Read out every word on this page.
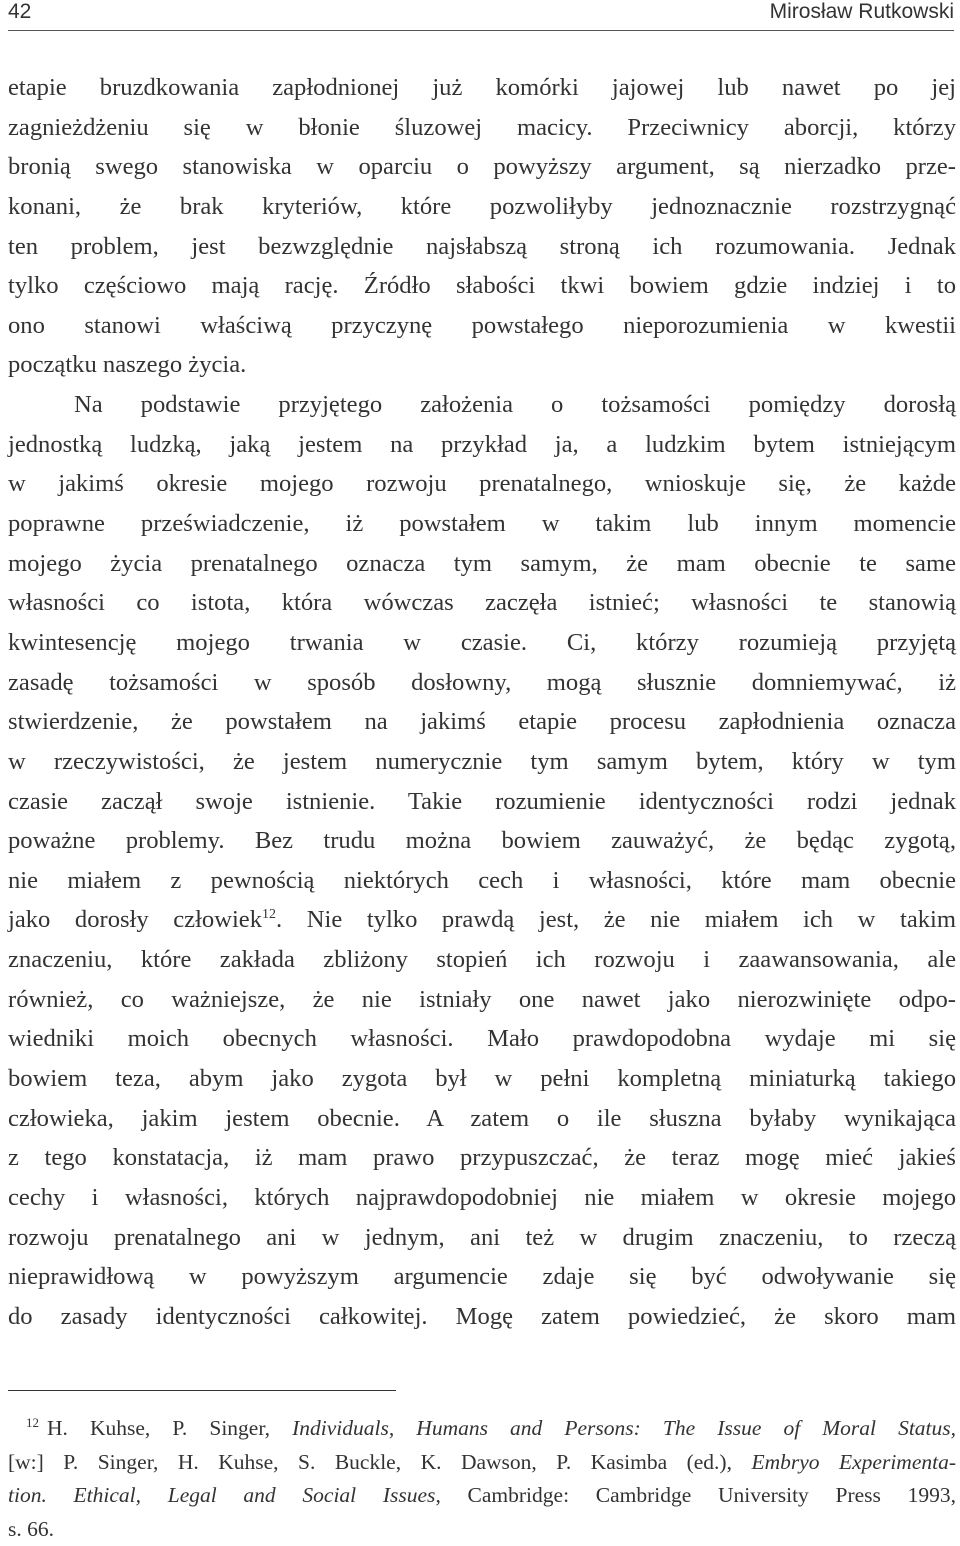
42	Mirosław Rutkowski
etapie bruzdkowania zapłodnionej już komórki jajowej lub nawet po jej
zagnieżdżeniu się w błonie śluzowej macicy. Przeciwnicy aborcji, którzy
bronią swego stanowiska w oparciu o powyższy argument, są nierzadko prze-
konani, że brak kryteriów, które pozwoliłyby jednoznacznie rozstrzygnąć
ten problem, jest bezwzględnie najsłabszą stroną ich rozumowania. Jednak
tylko częściowo mają rację. Źródło słabości tkwi bowiem gdzie indziej i to
ono stanowi właściwą przyczynę powstałego nieporozumienia w kwestii
początku naszego życia.
Na podstawie przyjętego założenia o tożsamości pomiędzy dorosłą
jednostką ludzką, jaką jestem na przykład ja, a ludzkim bytem istniejącym
w jakimś okresie mojego rozwoju prenatalnego, wnioskuje się, że każde
poprawne przeświadczenie, iż powstałem w takim lub innym momencie
mojego życia prenatalnego oznacza tym samym, że mam obecnie te same
własności co istota, która wówczas zaczęła istnieć; własności te stanowią
kwintesencję mojego trwania w czasie. Ci, którzy rozumieją przyjętą
zasadę tożsamości w sposób dosłowny, mogą słusznie domniemywać, iż
stwierdzenie, że powstałem na jakimś etapie procesu zapłodnienia oznacza
w rzeczywistości, że jestem numerycznie tym samym bytem, który w tym
czasie zaczął swoje istnienie. Takie rozumienie identyczności rodzi jednak
poważne problemy. Bez trudu można bowiem zauważyć, że będąc zygotą,
nie miałem z pewnością niektórych cech i własności, które mam obecnie
jako dorosły człowiek$^{12}$. Nie tylko prawdą jest, że nie miałem ich w takim
znaczeniu, które zakłada zbliżony stopień ich rozwoju i zaawansowania, ale
również, co ważniejsze, że nie istniały one nawet jako nierozwinięte odpo-
wiedniki moich obecnych własności. Mało prawdopodobna wydaje mi się
bowiem teza, abym jako zygota był w pełni kompletną miniaturką takiego
człowieka, jakim jestem obecnie. A zatem o ile słuszna byłaby wynikająca
z tego konstatacja, iż mam prawo przypuszczać, że teraz mogę mieć jakieś
cechy i własności, których najprawdopodobniej nie miałem w okresie mojego
rozwoju prenatalnego ani w jednym, ani też w drugim znaczeniu, to rzeczą
nieprawidłową w powyższym argumencie zdaje się być odwoływanie się
do zasady identyczności całkowitej. Mogę zatem powiedzieć, że skoro mam
$^{12}$ H. Kuhse, P. Singer, Individuals, Humans and Persons: The Issue of Moral Status,
[w:] P. Singer, H. Kuhse, S. Buckle, K. Dawson, P. Kasimba (ed.), Embryo Experimenta-
tion. Ethical, Legal and Social Issues, Cambridge: Cambridge University Press 1993,
s. 66.
